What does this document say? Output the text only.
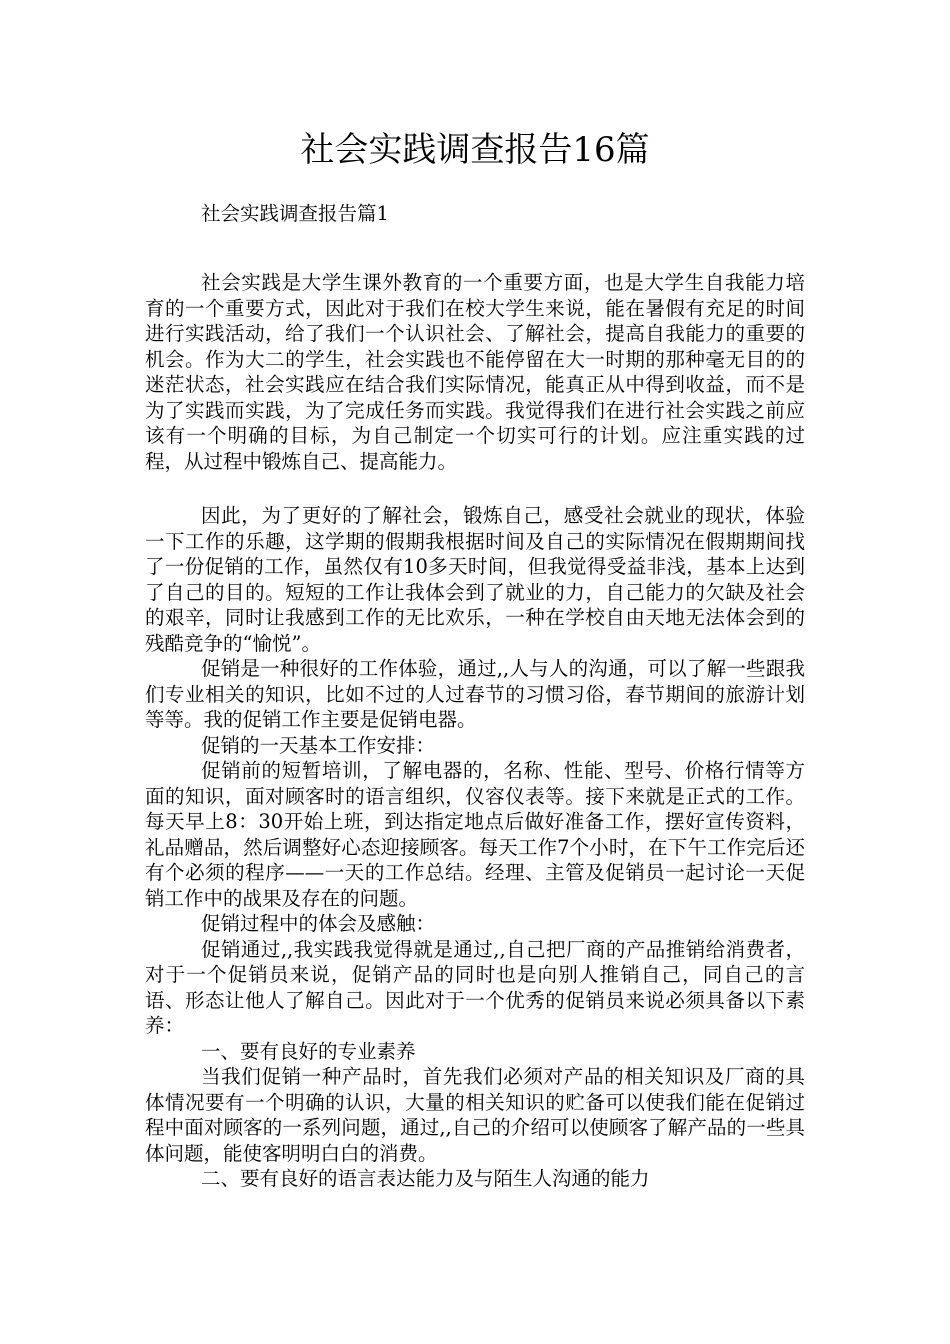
社会实践调查报告16篇

社会实践调查报告篇1

社会实践是大学生课外教育的一个重要方面，也是大学生自我能力培育的一个重要方式，因此对于我们在校大学生来说，能在暑假有充足的时间进行实践活动，给了我们一个认识社会、了解社会，提高自我能力的重要的机会。作为大二的学生，社会实践也不能停留在大一时期的那种毫无目的的迷茫状态，社会实践应在结合我们实际情况，能真正从中得到收益，而不是为了实践而实践，为了完成任务而实践。我觉得我们在进行社会实践之前应该有一个明确的目标，为自己制定一个切实可行的计划。应注重实践的过程，从过程中锻炼自己、提高能力。

因此，为了更好的了解社会，锻炼自己，感受社会就业的现状，体验一下工作的乐趣，这学期的假期我根据时间及自己的实际情况在假期期间找了一份促销的工作，虽然仅有10多天时间，但我觉得受益非浅，基本上达到了自己的目的。短短的工作让我体会到了就业的力，自己能力的欠缺及社会的艰辛，同时让我感到工作的无比欢乐，一种在学校自由天地无法体会到的残酷竞争的“愉悦”。

促销是一种很好的工作体验，通过,,人与人的沟通，可以了解一些跟我们专业相关的知识，比如不过的人过春节的习惯习俗，春节期间的旅游计划等等。我的促销工作主要是促销电器。

促销的一天基本工作安排：

促销前的短暂培训，了解电器的，名称、性能、型号、价格行情等方面的知识，面对顾客时的语言组织，仪容仪表等。接下来就是正式的工作。每天早上8：30开始上班，到达指定地点后做好准备工作，摆好宣传资料，礼品赠品，然后调整好心态迎接顾客。每天工作7个小时，在下午工作完后还有个必须的程序——一天的工作总结。经理、主管及促销员一起讨论一天促销工作中的战果及存在的问题。

促销过程中的体会及感触：

促销通过,,我实践我觉得就是通过,,自己把厂商的产品推销给消费者，对于一个促销员来说，促销产品的同时也是向别人推销自己，同自己的言语、形态让他人了解自己。因此对于一个优秀的促销员来说必须具备以下素养：

一、要有良好的专业素养

当我们促销一种产品时，首先我们必须对产品的相关知识及厂商的具体情况要有一个明确的认识，大量的相关知识的贮备可以使我们能在促销过程中面对顾客的一系列问题，通过,,自己的介绍可以使顾客了解产品的一些具体问题，能使客明明白白的消费。

二、要有良好的语言表达能力及与陌生人沟通的能力
